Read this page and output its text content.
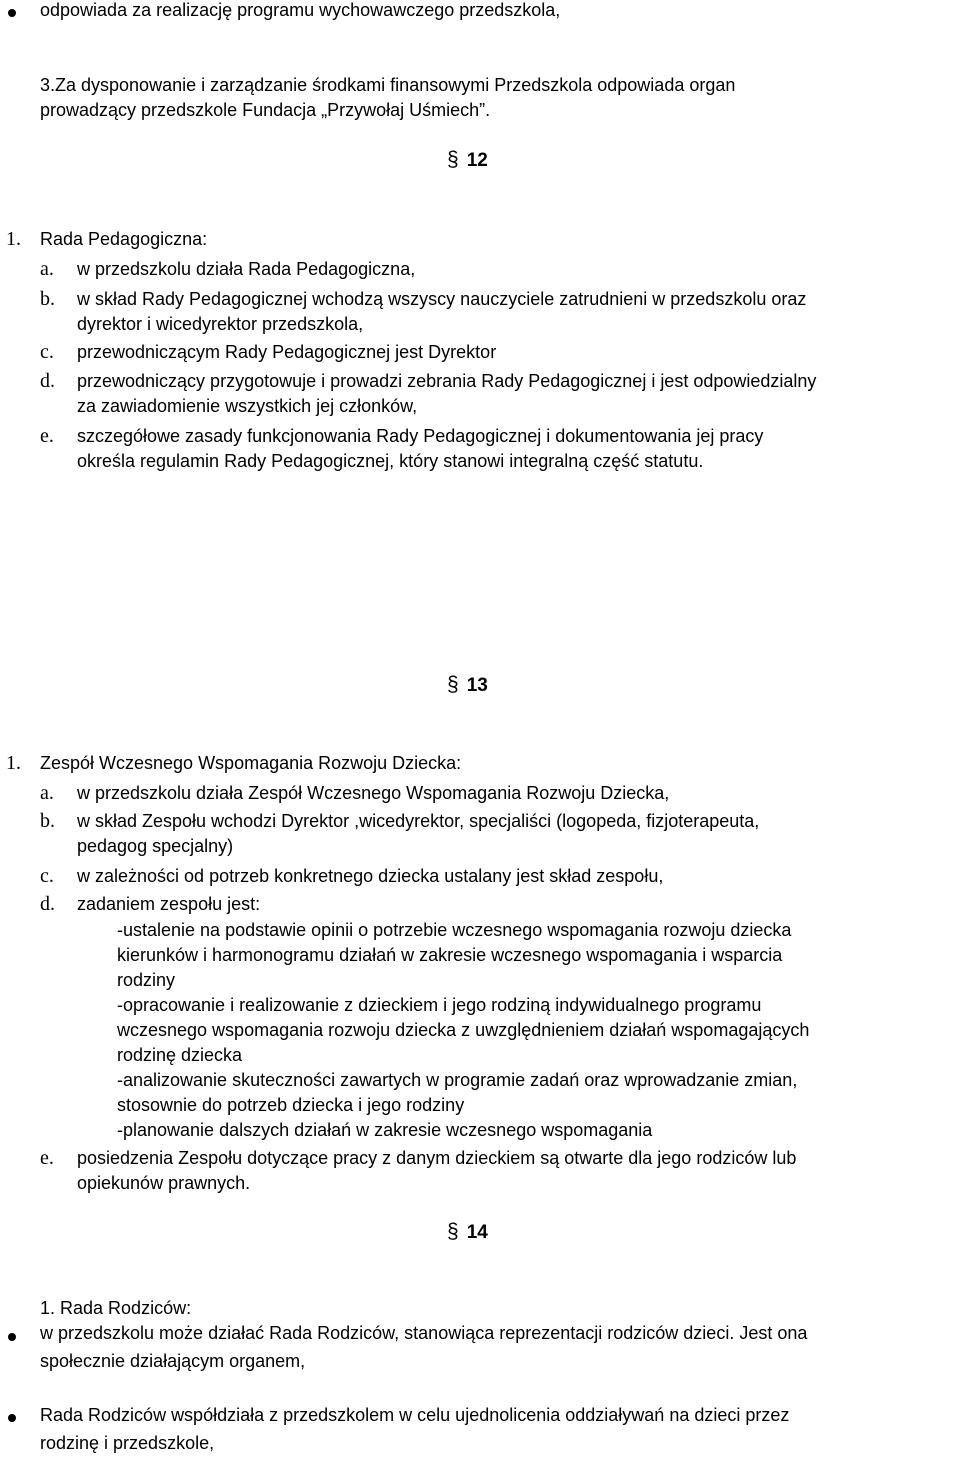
odpowiada za realizację programu wychowawczego przedszkola,
3.Za dysponowanie i zarządzanie środkami finansowymi Przedszkola odpowiada organ
prowadzący przedszkole Fundacja „Przywołaj Uśmiech”.
§ 12
1. Rada Pedagogiczna:
a. w przedszkolu działa Rada Pedagogiczna,
b. w skład Rady Pedagogicznej wchodzą wszyscy nauczyciele zatrudnieni w przedszkolu oraz
dyrektor i wicedyrektor przedszkola,
c. przewodniczącym Rady Pedagogicznej jest Dyrektor
d. przewodniczący przygotowuje i prowadzi zebrania Rady Pedagogicznej i jest odpowiedzialny
za zawiadomienie wszystkich jej członków,
e. szczegółowe zasady funkcjonowania Rady Pedagogicznej i dokumentowania jej pracy
określa regulamin Rady Pedagogicznej, który stanowi integralną część statutu.
§ 13
1. Zespół Wczesnego Wspomagania Rozwoju Dziecka:
a. w przedszkolu działa Zespół Wczesnego Wspomagania Rozwoju Dziecka,
b. w skład Zespołu wchodzi Dyrektor ,wicedyrektor, specjaliści (logopeda, fizjoterapeuta,
pedagog specjalny)
c. w zależności od potrzeb konkretnego dziecka ustalany jest skład zespołu,
d. zadaniem zespołu jest:
-ustalenie na podstawie opinii o potrzebie wczesnego wspomagania rozwoju dziecka
kierunków i harmonogramu działań w zakresie wczesnego wspomagania i wsparcia
rodziny
-opracowanie i realizowanie z dzieckiem i jego rodziną indywidualnego programu
wczesnego wspomagania rozwoju dziecka z uwzględnieniem działań wspomagających
rodzinę dziecka
-analizowanie skuteczności zawartych w programie zadań oraz wprowadzanie zmian,
stosownie do potrzeb dziecka i jego rodziny
-planowanie dalszych działań w zakresie wczesnego wspomagania
e. posiedzenia Zespołu dotyczące pracy z danym dzieckiem są otwarte dla jego rodziców lub
opiekunów prawnych.
§ 14
1. Rada Rodziców:
w przedszkolu może działać Rada Rodziców, stanowiąca reprezentacji rodziców dzieci. Jest ona
społecznie działającym organem,
Rada Rodziców współdziała z przedszkolem w celu ujednolicenia oddziaływań na dzieci przez
rodzinę i przedszkole,
